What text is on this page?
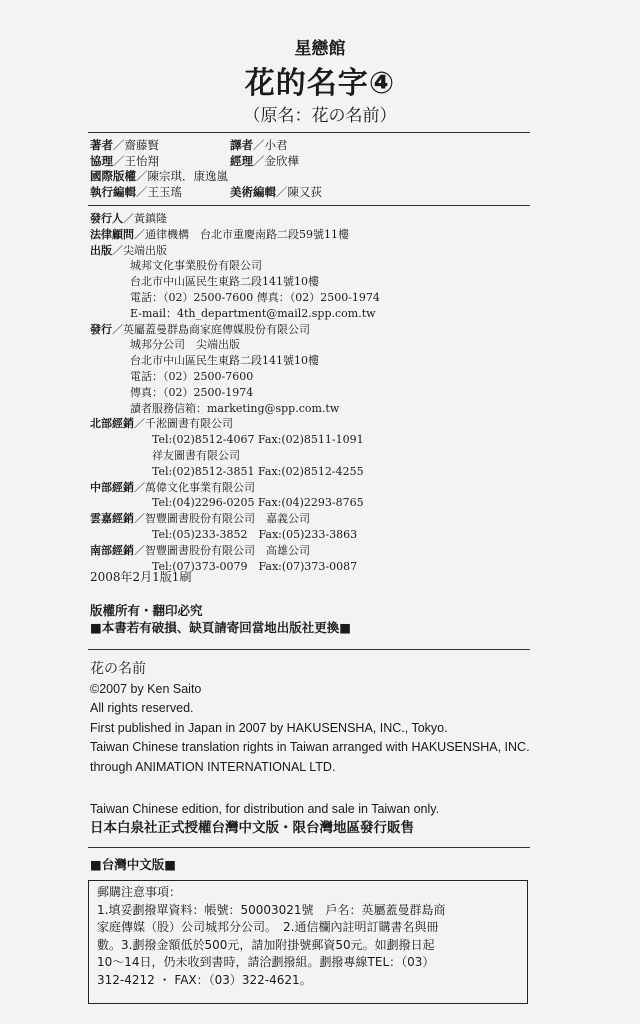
星戀館
花的名字④
（原名：花の名前）
著者／齋藤賢	譯者／小君
協理／王怡翔	經理／金欣樺
國際版權／陳宗琪．康逸嵐
執行編輯／王玉瑤	美術編輯／陳又荻
發行人／黃鎮隆
法律顧問／通律機構　台北市重慶南路二段59號11樓
出版／尖端出版
城邦文化事業股份有限公司
台北市中山區民生東路二段141號10樓
電話：（02）2500-7600 傳真：（02）2500-1974
E-mail：4th_department@mail2.spp.com.tw
發行／英屬蓋曼群島商家庭傳媒股份有限公司
城邦分公司　尖端出版
台北市中山區民生東路二段141號10樓
電話：（02）2500-7600
傳真：（02）2500-1974
讀者服務信箱：marketing@spp.com.tw
北部經銷／千淞圖書有限公司
Tel:(02)8512-4067 Fax:(02)8511-1091
祥友圖書有限公司
Tel:(02)8512-3851 Fax:(02)8512-4255
中部經銷／萬偉文化事業有限公司
Tel:(04)2296-0205 Fax:(04)2293-8765
雲嘉經銷／智豐圖書股份有限公司　嘉義公司
Tel:(05)233-3852　Fax:(05)233-3863
南部經銷／智豐圖書股份有限公司　高雄公司
Tel:(07)373-0079　Fax:(07)373-0087
2008年2月1版1刷
版權所有・翻印必究
■本書若有破損、缺頁請寄回當地出版社更換■
花の名前
©2007 by Ken Saito
All rights reserved.
First published in Japan in 2007 by HAKUSENSHA, INC., Tokyo.
Taiwan Chinese translation rights in Taiwan arranged with HAKUSENSHA, INC.
through ANIMATION INTERNATIONAL LTD.
Taiwan Chinese edition, for distribution and sale in Taiwan only.
日本白泉社正式授權台灣中文版・限台灣地區發行販售
■台灣中文版■
郵購注意事項：
1.填妥劃撥單資料：帳號：50003021號　戶名：英屬蓋曼群島商
家庭傳媒（股）公司城邦分公司。　2.通信欄內註明訂購書名與冊
數。3.劃撥金額低於500元，請加附掛號郵資50元。如劃撥日起
10～14日，仍未收到書時，請洽劃撥組。劃撥專線TEL：（03）
312-4212 ・ FAX：（03）322-4621。
